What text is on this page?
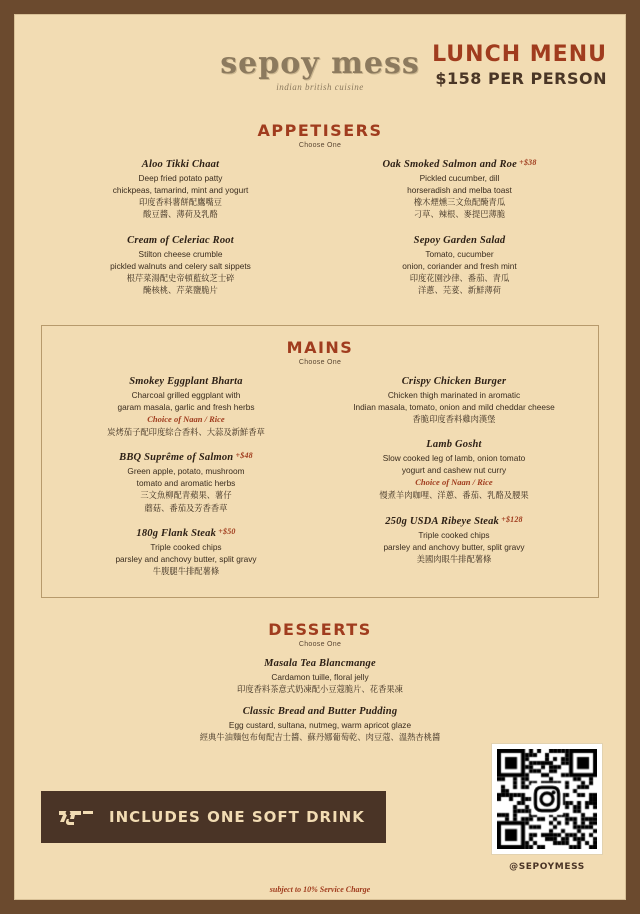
sepoy mess
indian british cuisine
LUNCH MENU
$158 PER PERSON
APPETISERS
Choose One
Aloo Tikki Chaat
Deep fried potato patty
chickpeas, tamarind, mint and yogurt
印度香料薯餅配鷹嘴豆
酸豆醬、薄荷及乳酪
Cream of Celeriac Root
Stilton cheese crumble
pickled walnuts and celery salt sippets
根芹菜湯配史帝頓藍紋芝士碎
醃核桃、芹菜鹽脆片
Oak Smoked Salmon and Roe $^{+\$38}$
Pickled cucumber, dill
horseradish and melba toast
橡木煙燻三文魚配醃青瓜
刁草、辣根、麥提巴薄脆
Sepoy Garden Salad
Tomato, cucumber
onion, coriander and fresh mint
印度花園沙律、番茄、青瓜
洋蔥、芫荽、新鮮薄荷
MAINS
Choose One
Smokey Eggplant Bharta
Charcoal grilled eggplant with
garam masala, garlic and fresh herbs
Choice of Naan / Rice
炭烤茄子配印度綜合香料、大蒜及新鮮香草
BBQ Suprême of Salmon $^{+\$48}$
Green apple, potato, mushroom
tomato and aromatic herbs
三文魚柳配青蘋果、薯仔
蘑菇、番茄及芳香香草
180g Flank Steak $^{+\$50}$
Triple cooked chips
parsley and anchovy butter, split gravy
牛腹腿牛排配薯條
Crispy Chicken Burger
Chicken thigh marinated in aromatic
Indian masala, tomato, onion and mild cheddar cheese
香脆印度香料雞肉漢堡
Lamb Gosht
Slow cooked leg of lamb, onion tomato
yogurt and cashew nut curry
Choice of Naan / Rice
慢煮羊肉咖哩、洋蔥、番茄、乳酪及腰果
250g USDA Ribeye Steak $^{+\$128}$
Triple cooked chips
parsley and anchovy butter, split gravy
美國肉眼牛排配薯條
DESSERTS
Choose One
Masala Tea Blancmange
Cardamon tuille, floral jelly
印度香料茶意式奶凍配小豆蔻脆片、花香果凍
Classic Bread and Butter Pudding
Egg custard, sultana, nutmeg, warm apricot glaze
經典牛油麵包布甸配吉士醬、蘇丹娜葡萄乾、肉豆蔻、溫熱杏桃醬
INCLUDES ONE SOFT DRINK
@SEPOYMESS
subject to 10% Service Charge
